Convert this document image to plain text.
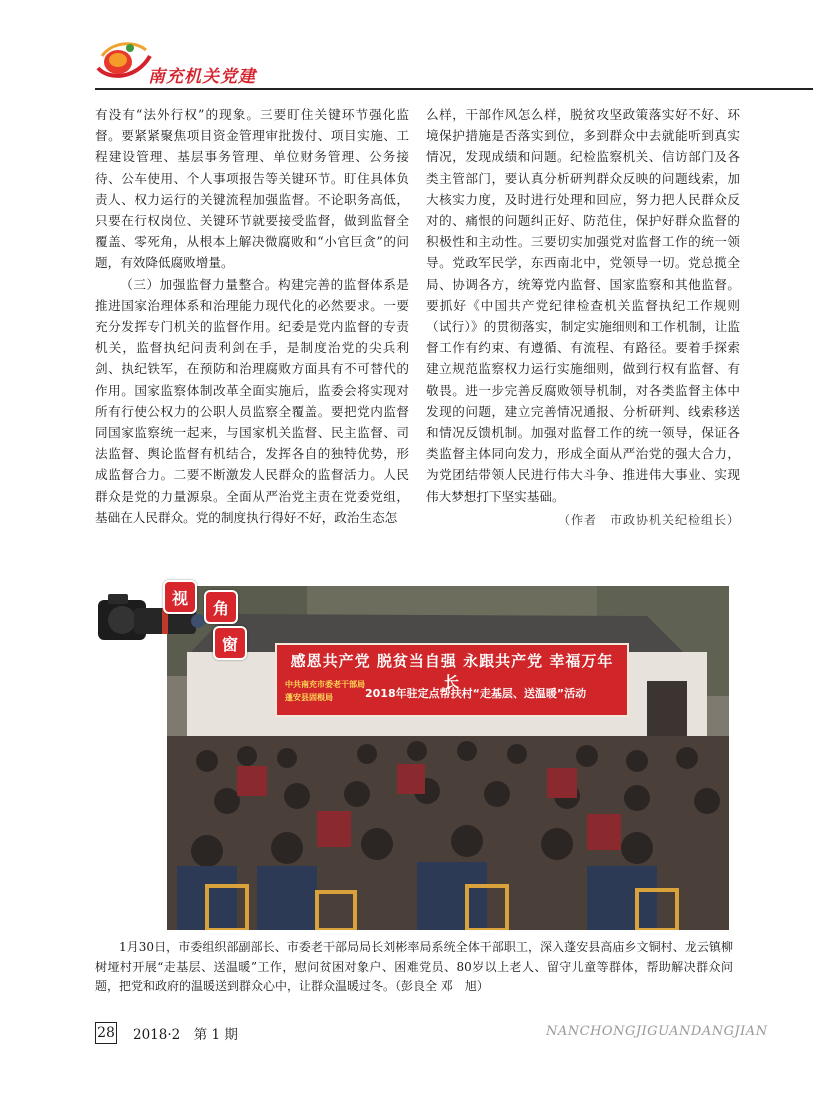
南充机关党建

有没有“法外行权”的现象。三要盯住关键环节强化监督。要紧紧聚焦项目资金管理审批拨付、项目实施、工程建设管理、基层事务管理、单位财务管理、公务接待、公车使用、个人事项报告等关键环节。盯住具体负责人、权力运行的关键流程加强监督。不论职务高低，只要在行权岗位、关键环节就要接受监督，做到监督全覆盖、零死角，从根本上解决微腐败和“小官巨贪”的问题，有效降低腐败增量。

（三）加强监督力量整合。构建完善的监督体系是推进国家治理体系和治理能力现代化的必然要求。一要充分发挥专门机关的监督作用。纪委是党内监督的专责机关，监督执纪问责利剑在手，是制度治党的尖兵利剑、执纪铁军，在预防和治理腐败方面具有不可替代的作用。国家监察体制改革全面实施后，监委会将实现对所有行使公权力的公职人员监察全覆盖。要把党内监督同国家监察统一起来，与国家机关监督、民主监督、司法监督、舆论监督有机结合，发挥各自的独特优势，形成监督合力。二要不断激发人民群众的监督活力。人民群众是党的力量源泉。全面从严治党主责在党委党组，基础在人民群众。党的制度执行得好不好，政治生态怎

么样，干部作风怎么样，脱贫攻坚政策落实好不好、环境保护措施是否落实到位，多到群众中去就能听到真实情况，发现成绩和问题。纪检监察机关、信访部门及各类主管部门，要认真分析研判群众反映的问题线索，加大核实力度，及时进行处理和回应，努力把人民群众反对的、痛恨的问题纠正好、防范住，保护好群众监督的积极性和主动性。三要切实加强党对监督工作的统一领导。党政军民学，东西南北中，党领导一切。党总揽全局、协调各方，统筹党内监督、国家监察和其他监督。要抓好《中国共产党纪律检查机关监督执纪工作规则（试行）》的贯彻落实，制定实施细则和工作机制，让监督工作有约束、有遵循、有流程、有路径。要着手探索建立规范监察权力运行实施细则，做到行权有监督、有敬畏。进一步完善反腐败领导机制，对各类监督主体中发现的问题，建立完善情况通报、分析研判、线索移送和情况反馈机制。加强对监督工作的统一领导，保证各类监督主体同向发力，形成全面从严治党的强大合力，为党团结带领人民进行伟大斗争、推进伟大事业、实现伟大梦想打下坚实基础。

（作者　市政协机关纪检组长）

感恩共产党 脱贫当自强 永跟共产党 幸福万年长
中共南充市委老干部局
蓬安县固根局	2018年驻定点帮扶村“走基层、送温暖”活动
视
角
窗

1月30日，市委组织部副部长、市委老干部局局长刘彬率局系统全体干部职工，深入蓬安县高庙乡文铜村、龙云镇柳树垭村开展“走基层、送温暖”工作，慰问贫困对象户、困难党员、80岁以上老人、留守儿童等群体，帮助解决群众问题，把党和政府的温暖送到群众心中，让群众温暖过冬。（彭良全 邓　旭）

28 2018·2　第 1 期	NANCHONGJIGUANDANGJIAN
